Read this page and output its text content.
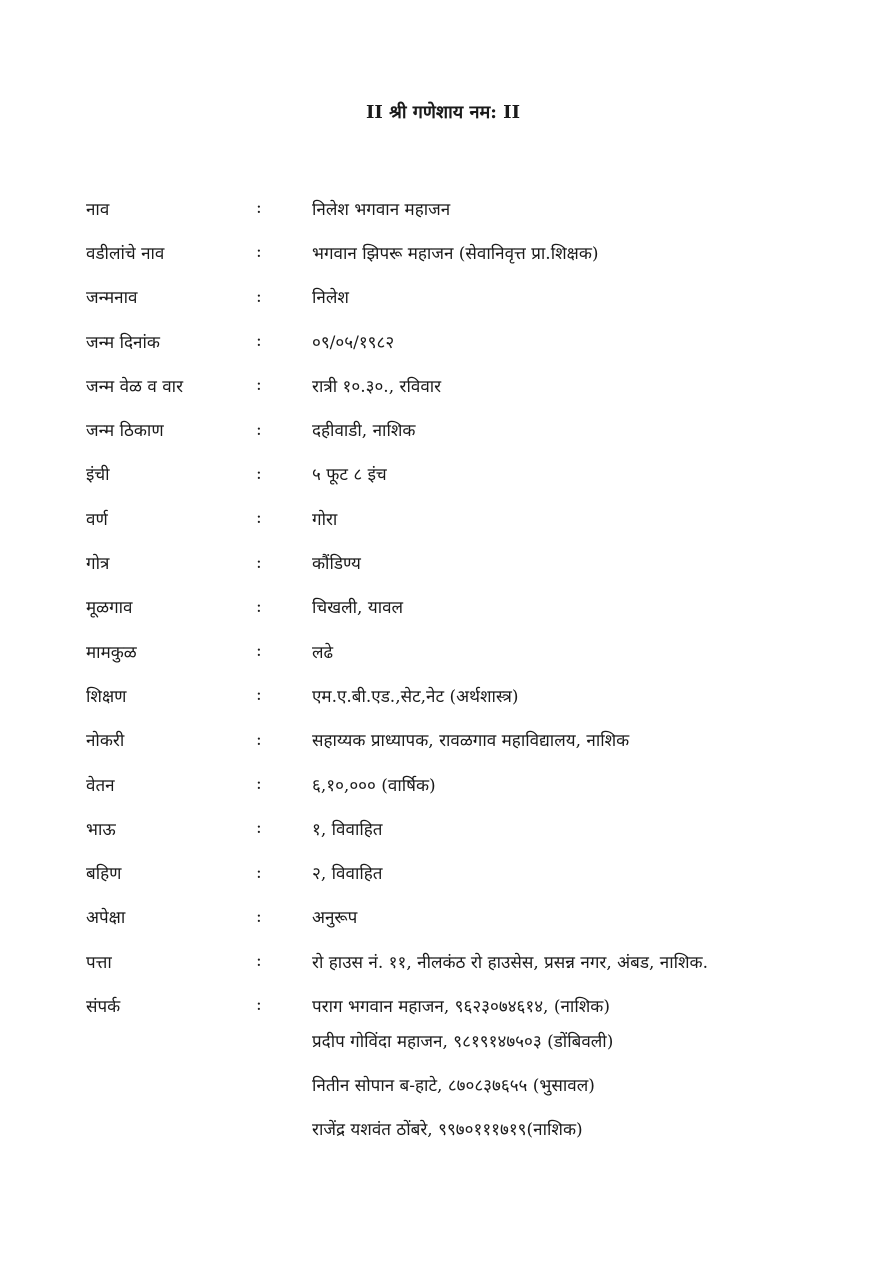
II श्री गणेशाय नम: II
नाव	:	निलेश भगवान महाजन
वडीलांचे नाव	:	भगवान झिपरू महाजन (सेवानिवृत्त प्रा.शिक्षक)
जन्मनाव	:	निलेश
जन्म दिनांक	:	०९/०५/१९८२
जन्म वेळ व वार	:	रात्री १०.३०., रविवार
जन्म ठिकाण	:	दहीवाडी, नाशिक
इंची	:	५ फूट ८ इंच
वर्ण	:	गोरा
गोत्र	:	कौंडिण्य
मूळगाव	:	चिखली, यावल
मामकुळ	:	लढे
शिक्षण	:	एम.ए.बी.एड.,सेट,नेट (अर्थशास्त्र)
नोकरी	:	सहाय्यक प्राध्यापक, रावळगाव महाविद्यालय, नाशिक
वेतन	:	६,१०,००० (वार्षिक)
भाऊ	:	१, विवाहित
बहिण	:	२, विवाहित
अपेक्षा	:	अनुरूप
पत्ता	:	रो हाउस नं. ११, नीलकंठ रो हाउसेस, प्रसन्न नगर, अंबड, नाशिक.
संपर्क	:	पराग भगवान महाजन, ९६२३०७४६१४, (नाशिक)
प्रदीप गोविंदा महाजन, ९८१९१४७५०३ (डोंबिवली)
नितीन सोपान ब-हाटे, ८७०८३७६५५ (भुसावल)
राजेंद्र यशवंत ठोंबरे, ९९७०१११७१९(नाशिक)
